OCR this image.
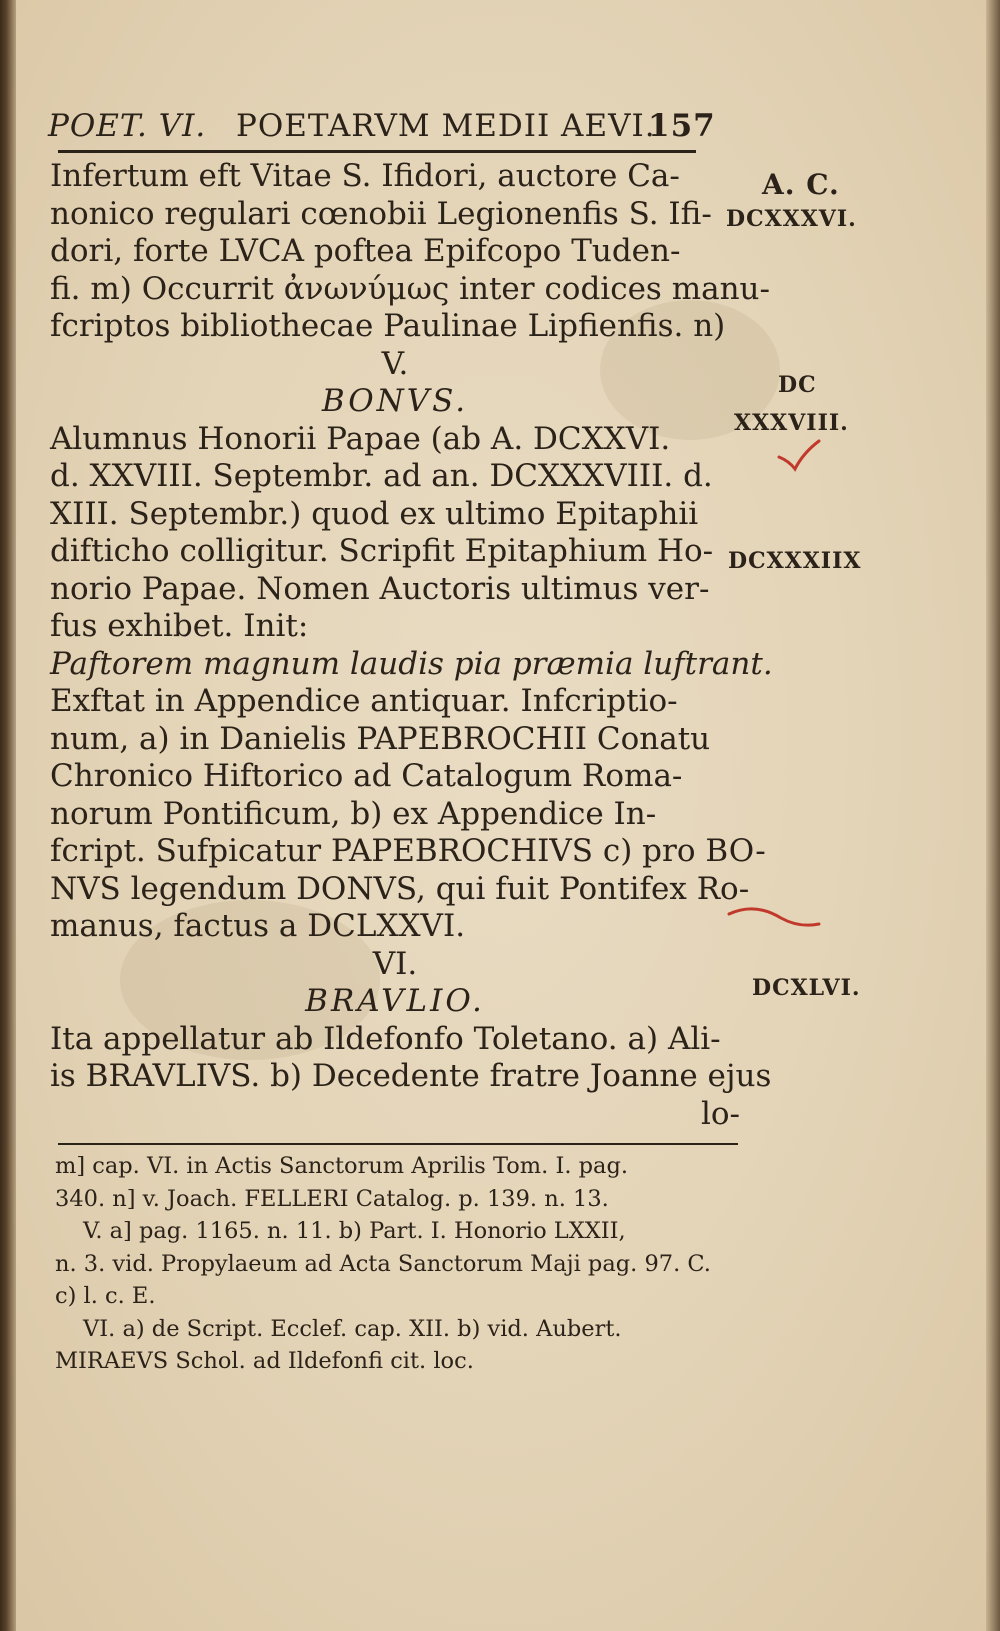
POET. VI. POETARVM MEDII AEVI.
157
Infertum eft Vitae S. Ifidori, auctore Ca-
nonico regulari cœnobii Legionenfis S. Ifi-
dori, forte LVCA poftea Epifcopo Tuden-
fi. m) Occurrit ἀνωνύμως inter codices manu-
fcriptos bibliothecae Paulinae Lipfienfis. n)
V.
BONVS.
Alumnus Honorii Papae (ab A. DCXXVI.
d. XXVIII. Septembr. ad an. DCXXXVIII. d.
XIII. Septembr.) quod ex ultimo Epitaphii
difticho colligitur. Scripfit Epitaphium Ho-
norio Papae. Nomen Auctoris ultimus ver-
fus exhibet. Init:
Paftorem magnum laudis pia præmia luftrant.
Exftat in Appendice antiquar. Infcriptio-
num, a) in Danielis PAPEBROCHII Conatu
Chronico Hiftorico ad Catalogum Roma-
norum Pontificum, b) ex Appendice In-
fcript. Sufpicatur PAPEBROCHIVS c) pro BO-
NVS legendum DONVS, qui fuit Pontifex Ro-
manus, factus a DCLXXVI.
VI.
BRAVLIO.
Ita appellatur ab Ildefonfo Toletano. a) Ali-
is BRAVLIVS. b) Decedente fratre Joanne ejus
lo-
A. C.
DCXXXVI.
DC
XXXVIII.
DCXXXIIX
DCXLVI.
m] cap. VI. in Actis Sanctorum Aprilis Tom. I. pag.
340. n] v. Joach. FELLERI Catalog. p. 139. n. 13.
V. a] pag. 1165. n. 11. b) Part. I. Honorio LXXII,
n. 3. vid. Propylaeum ad Acta Sanctorum Maji pag. 97. C.
c) l. c. E.
VI. a) de Script. Ecclef. cap. XII. b) vid. Aubert.
MIRAEVS Schol. ad Ildefonfi cit. loc.
